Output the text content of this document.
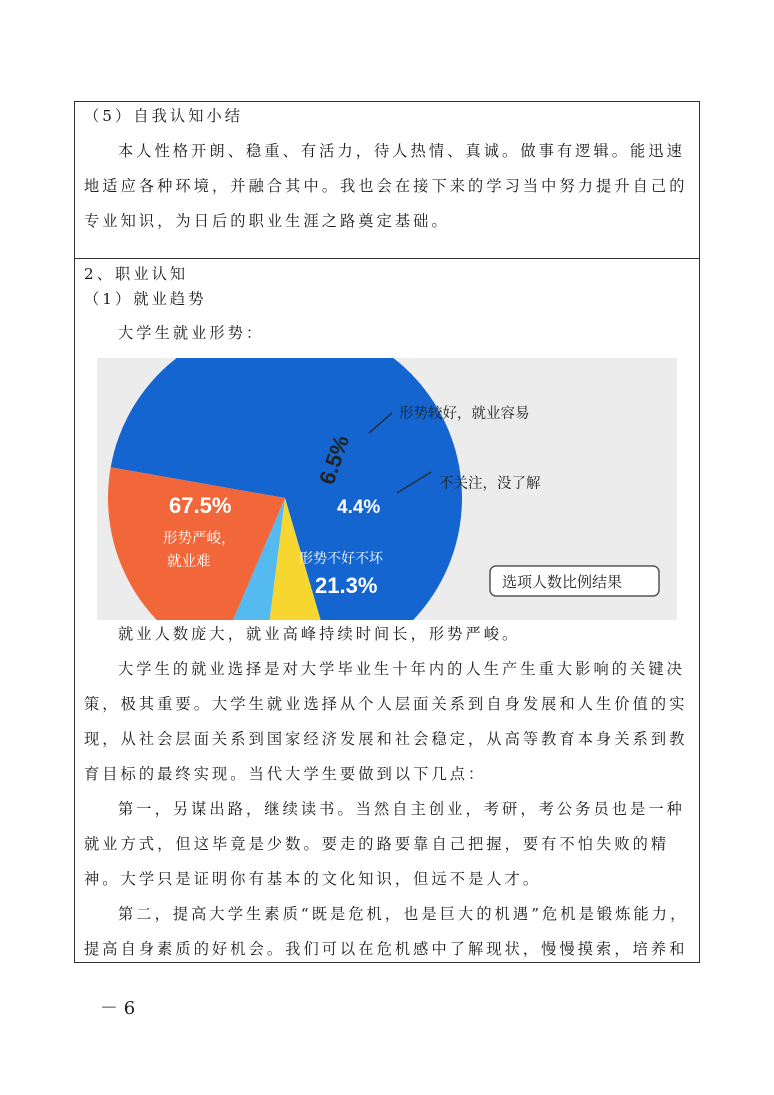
（5）自我认知小结
本人性格开朗、稳重、有活力，待人热情、真诚。做事有逻辑。能迅速
地适应各种环境，并融合其中。我也会在接下来的学习当中努力提升自己的
专业知识，为日后的职业生涯之路奠定基础。
2、职业认知
（1）就业趋势
大学生就业形势：
67.5%
形势严峻，
就业难
6.5%
4.4%
21.3%
形势不好不坏
形势较好，就业容易
不关注，没了解
选项人数比例结果
就业人数庞大，就业高峰持续时间长，形势严峻。
大学生的就业选择是对大学毕业生十年内的人生产生重大影响的关键决
策，极其重要。大学生就业选择从个人层面关系到自身发展和人生价值的实
现，从社会层面关系到国家经济发展和社会稳定，从高等教育本身关系到教
育目标的最终实现。当代大学生要做到以下几点：
第一，另谋出路，继续读书。当然自主创业，考研，考公务员也是一种
就业方式，但这毕竟是少数。要走的路要靠自己把握，要有不怕失败的精
神。大学只是证明你有基本的文化知识，但远不是人才。
第二，提高大学生素质“既是危机，也是巨大的机遇”危机是锻炼能力，
提高自身素质的好机会。我们可以在危机感中了解现状，慢慢摸索，培养和
－ 6
